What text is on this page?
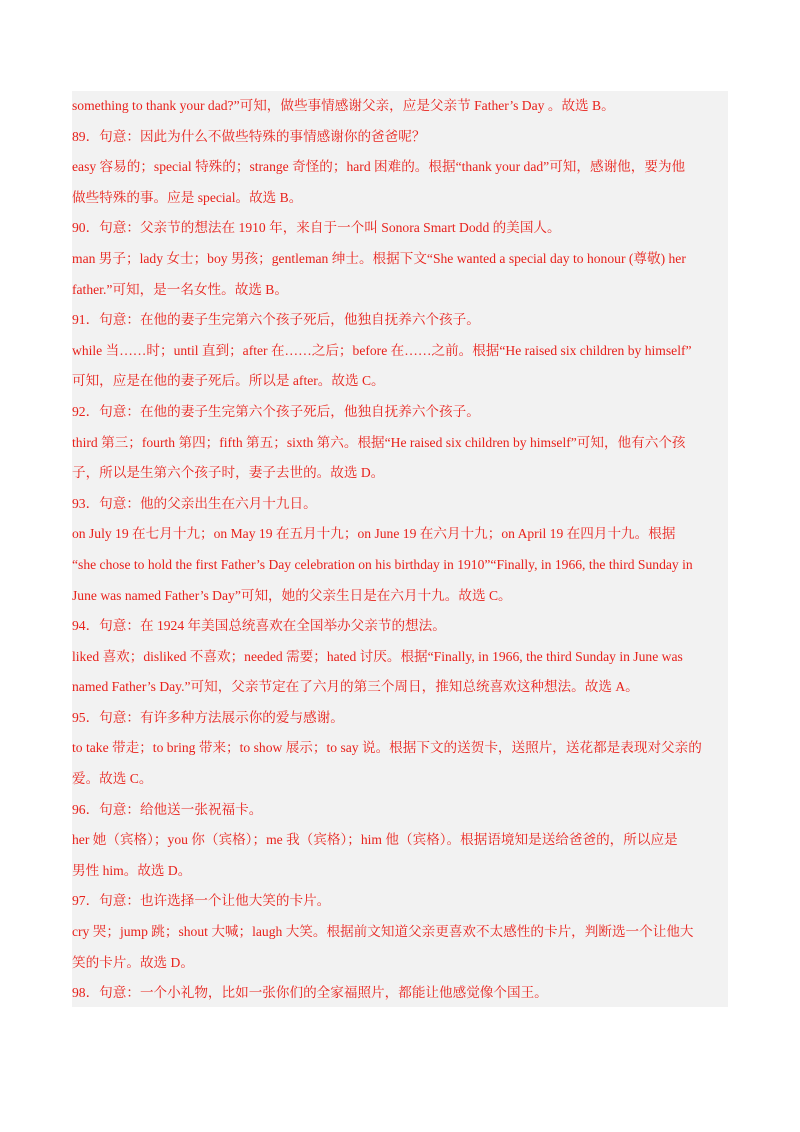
something to thank your dad?”可知，做些事情感谢父亲，应是父亲节 Father’s Day 。故选 B。
89．句意：因此为什么不做些特殊的事情感谢你的爸爸呢？
easy 容易的；special 特殊的；strange 奇怪的；hard 困难的。根据“thank your dad”可知，感谢他，要为他
做些特殊的事。应是 special。故选 B。
90．句意：父亲节的想法在 1910 年，来自于一个叫 Sonora Smart Dodd 的美国人。
man 男子；lady 女士；boy 男孩；gentleman 绅士。根据下文“She wanted a special day to honour (尊敬) her
father.”可知，是一名女性。故选 B。
91．句意：在他的妻子生完第六个孩子死后，他独自抚养六个孩子。
while 当……时；until 直到；after 在……之后；before 在……之前。根据“He raised six children by himself”
可知，应是在他的妻子死后。所以是 after。故选 C。
92．句意：在他的妻子生完第六个孩子死后，他独自抚养六个孩子。
third 第三；fourth 第四；fifth 第五；sixth 第六。根据“He raised six children by himself”可知，他有六个孩
子，所以是生第六个孩子时，妻子去世的。故选 D。
93．句意：他的父亲出生在六月十九日。
on July 19 在七月十九；on May 19 在五月十九；on June 19 在六月十九；on April 19 在四月十九。根据
“she chose to hold the first Father’s Day celebration on his birthday in 1910”“Finally, in 1966, the third Sunday in
June was named Father’s Day”可知，她的父亲生日是在六月十九。故选 C。
94．句意：在 1924 年美国总统喜欢在全国举办父亲节的想法。
liked 喜欢；disliked 不喜欢；needed 需要；hated 讨厌。根据“Finally, in 1966, the third Sunday in June was
named Father’s Day.”可知，父亲节定在了六月的第三个周日，推知总统喜欢这种想法。故选 A。
95．句意：有许多种方法展示你的爱与感谢。
to take 带走；to bring 带来；to show 展示；to say 说。根据下文的送贺卡，送照片，送花都是表现对父亲的
爱。故选 C。
96．句意：给他送一张祝福卡。
her 她（宾格）；you 你（宾格）；me 我（宾格）；him 他（宾格）。根据语境知是送给爸爸的，所以应是
男性 him。故选 D。
97．句意：也许选择一个让他大笑的卡片。
cry 哭；jump 跳；shout 大喊；laugh 大笑。根据前文知道父亲更喜欢不太感性的卡片，判断选一个让他大
笑的卡片。故选 D。
98．句意：一个小礼物，比如一张你们的全家福照片，都能让他感觉像个国王。
